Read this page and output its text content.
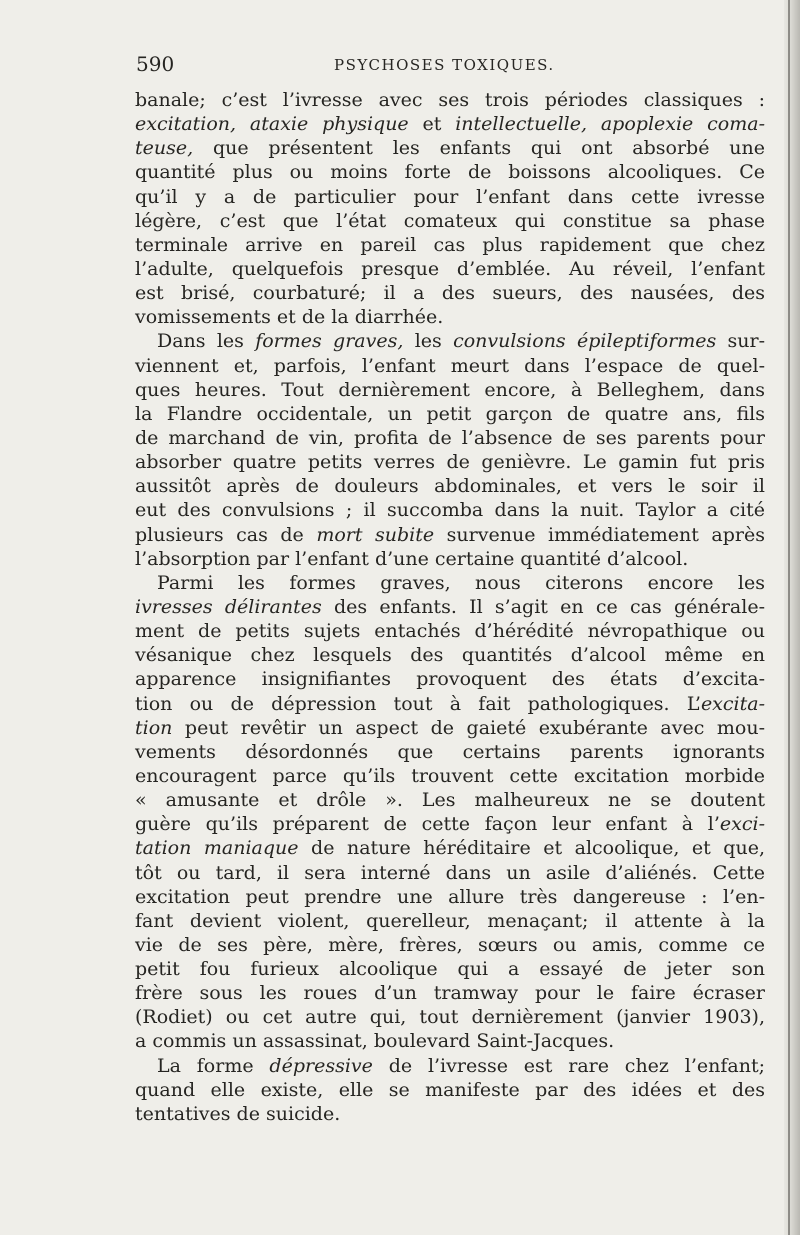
590	PSYCHOSES TOXIQUES.
banale; c’est l’ivresse avec ses trois périodes classiques :
excitation, ataxie physique et intellectuelle, apoplexie coma-
teuse, que présentent les enfants qui ont absorbé une
quantité plus ou moins forte de boissons alcooliques. Ce
qu’il y a de particulier pour l’enfant dans cette ivresse
légère, c’est que l’état comateux qui constitue sa phase
terminale arrive en pareil cas plus rapidement que chez
l’adulte, quelquefois presque d’emblée. Au réveil, l’enfant
est brisé, courbaturé; il a des sueurs, des nausées, des
vomissements et de la diarrhée.
Dans les formes graves, les convulsions épileptiformes sur-
viennent et, parfois, l’enfant meurt dans l’espace de quel-
ques heures. Tout dernièrement encore, à Belleghem, dans
la Flandre occidentale, un petit garçon de quatre ans, fils
de marchand de vin, profita de l’absence de ses parents pour
absorber quatre petits verres de genièvre. Le gamin fut pris
aussitôt après de douleurs abdominales, et vers le soir il
eut des convulsions ; il succomba dans la nuit. Taylor a cité
plusieurs cas de mort subite survenue immédiatement après
l’absorption par l’enfant d’une certaine quantité d’alcool.
Parmi les formes graves, nous citerons encore les
ivresses délirantes des enfants. Il s’agit en ce cas générale-
ment de petits sujets entachés d’hérédité névropathique ou
vésanique chez lesquels des quantités d’alcool même en
apparence insignifiantes provoquent des états d’excita-
tion ou de dépression tout à fait pathologiques. L’excita-
tion peut revêtir un aspect de gaieté exubérante avec mou-
vements désordonnés que certains parents ignorants
encouragent parce qu’ils trouvent cette excitation morbide
« amusante et drôle ». Les malheureux ne se doutent
guère qu’ils préparent de cette façon leur enfant à l’exci-
tation maniaque de nature héréditaire et alcoolique, et que,
tôt ou tard, il sera interné dans un asile d’aliénés. Cette
excitation peut prendre une allure très dangereuse : l’en-
fant devient violent, querelleur, menaçant; il attente à la
vie de ses père, mère, frères, sœurs ou amis, comme ce
petit fou furieux alcoolique qui a essayé de jeter son
frère sous les roues d’un tramway pour le faire écraser
(Rodiet) ou cet autre qui, tout dernièrement (janvier 1903),
a commis un assassinat, boulevard Saint-Jacques.
La forme dépressive de l’ivresse est rare chez l’enfant;
quand elle existe, elle se manifeste par des idées et des
tentatives de suicide.
